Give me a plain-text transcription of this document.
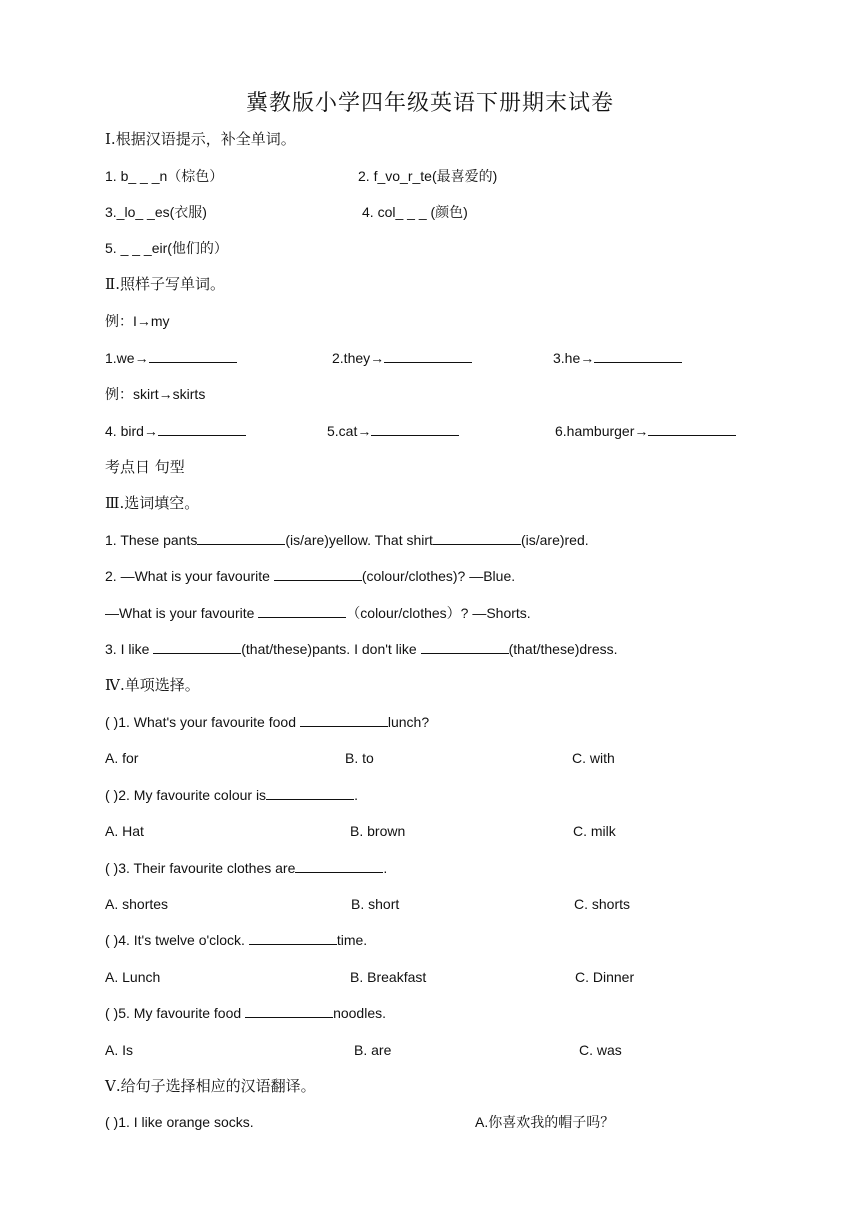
冀教版小学四年级英语下册期末试卷
Ⅰ.根据汉语提示，补全单词。
1. b_ _ _n（棕色）	2. f_vo_r_te(最喜爱的)
3._lo_ _es(衣服)	4. col_ _ _ (颜色)
5. _ _ _eir(他们的）
Ⅱ.照样子写单词。
例：I→my
1.we→	2.they→	3.he→
例：skirt→skirts
4. bird→	5.cat→	6.hamburger→
考点日 句型
Ⅲ.选词填空。
1. These pants	(is/are)yellow. That shirt	(is/are)red.
2. —What is your favourite	(colour/clothes)? —Blue.
—What is your favourite	（colour/clothes）? —Shorts.
3. I like	(that/these)pants. I don't like	(that/these)dress.
Ⅳ.单项选择。
( )1. What's your favourite food	lunch?
A. for	B. to	C. with
( )2. My favourite colour is	.
A. Hat	B. brown	C. milk
( )3. Their favourite clothes are	.
A. shortes	B. short	C. shorts
( )4. It's twelve o'clock.	time.
A. Lunch	B. Breakfast	C. Dinner
( )5. My favourite food	noodles.
A. Is	B. are	C. was
Ⅴ.给句子选择相应的汉语翻译。
( )1. I like orange socks.	A.你喜欢我的帽子吗？
